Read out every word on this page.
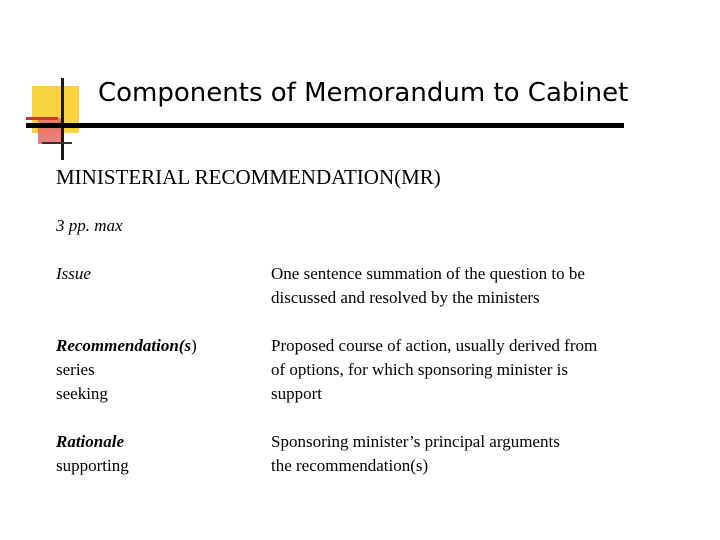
Components of Memorandum to Cabinet
MINISTERIAL RECOMMENDATION(MR)
3 pp. max
Issue	One sentence summation of the question to be
discussed and resolved by the ministers
Recommendation(s)
series
seeking
Proposed course of action, usually derived from
of options, for which sponsoring minister is
support
Rationale
supporting
Sponsoring minister’s principal arguments
the recommendation(s)
